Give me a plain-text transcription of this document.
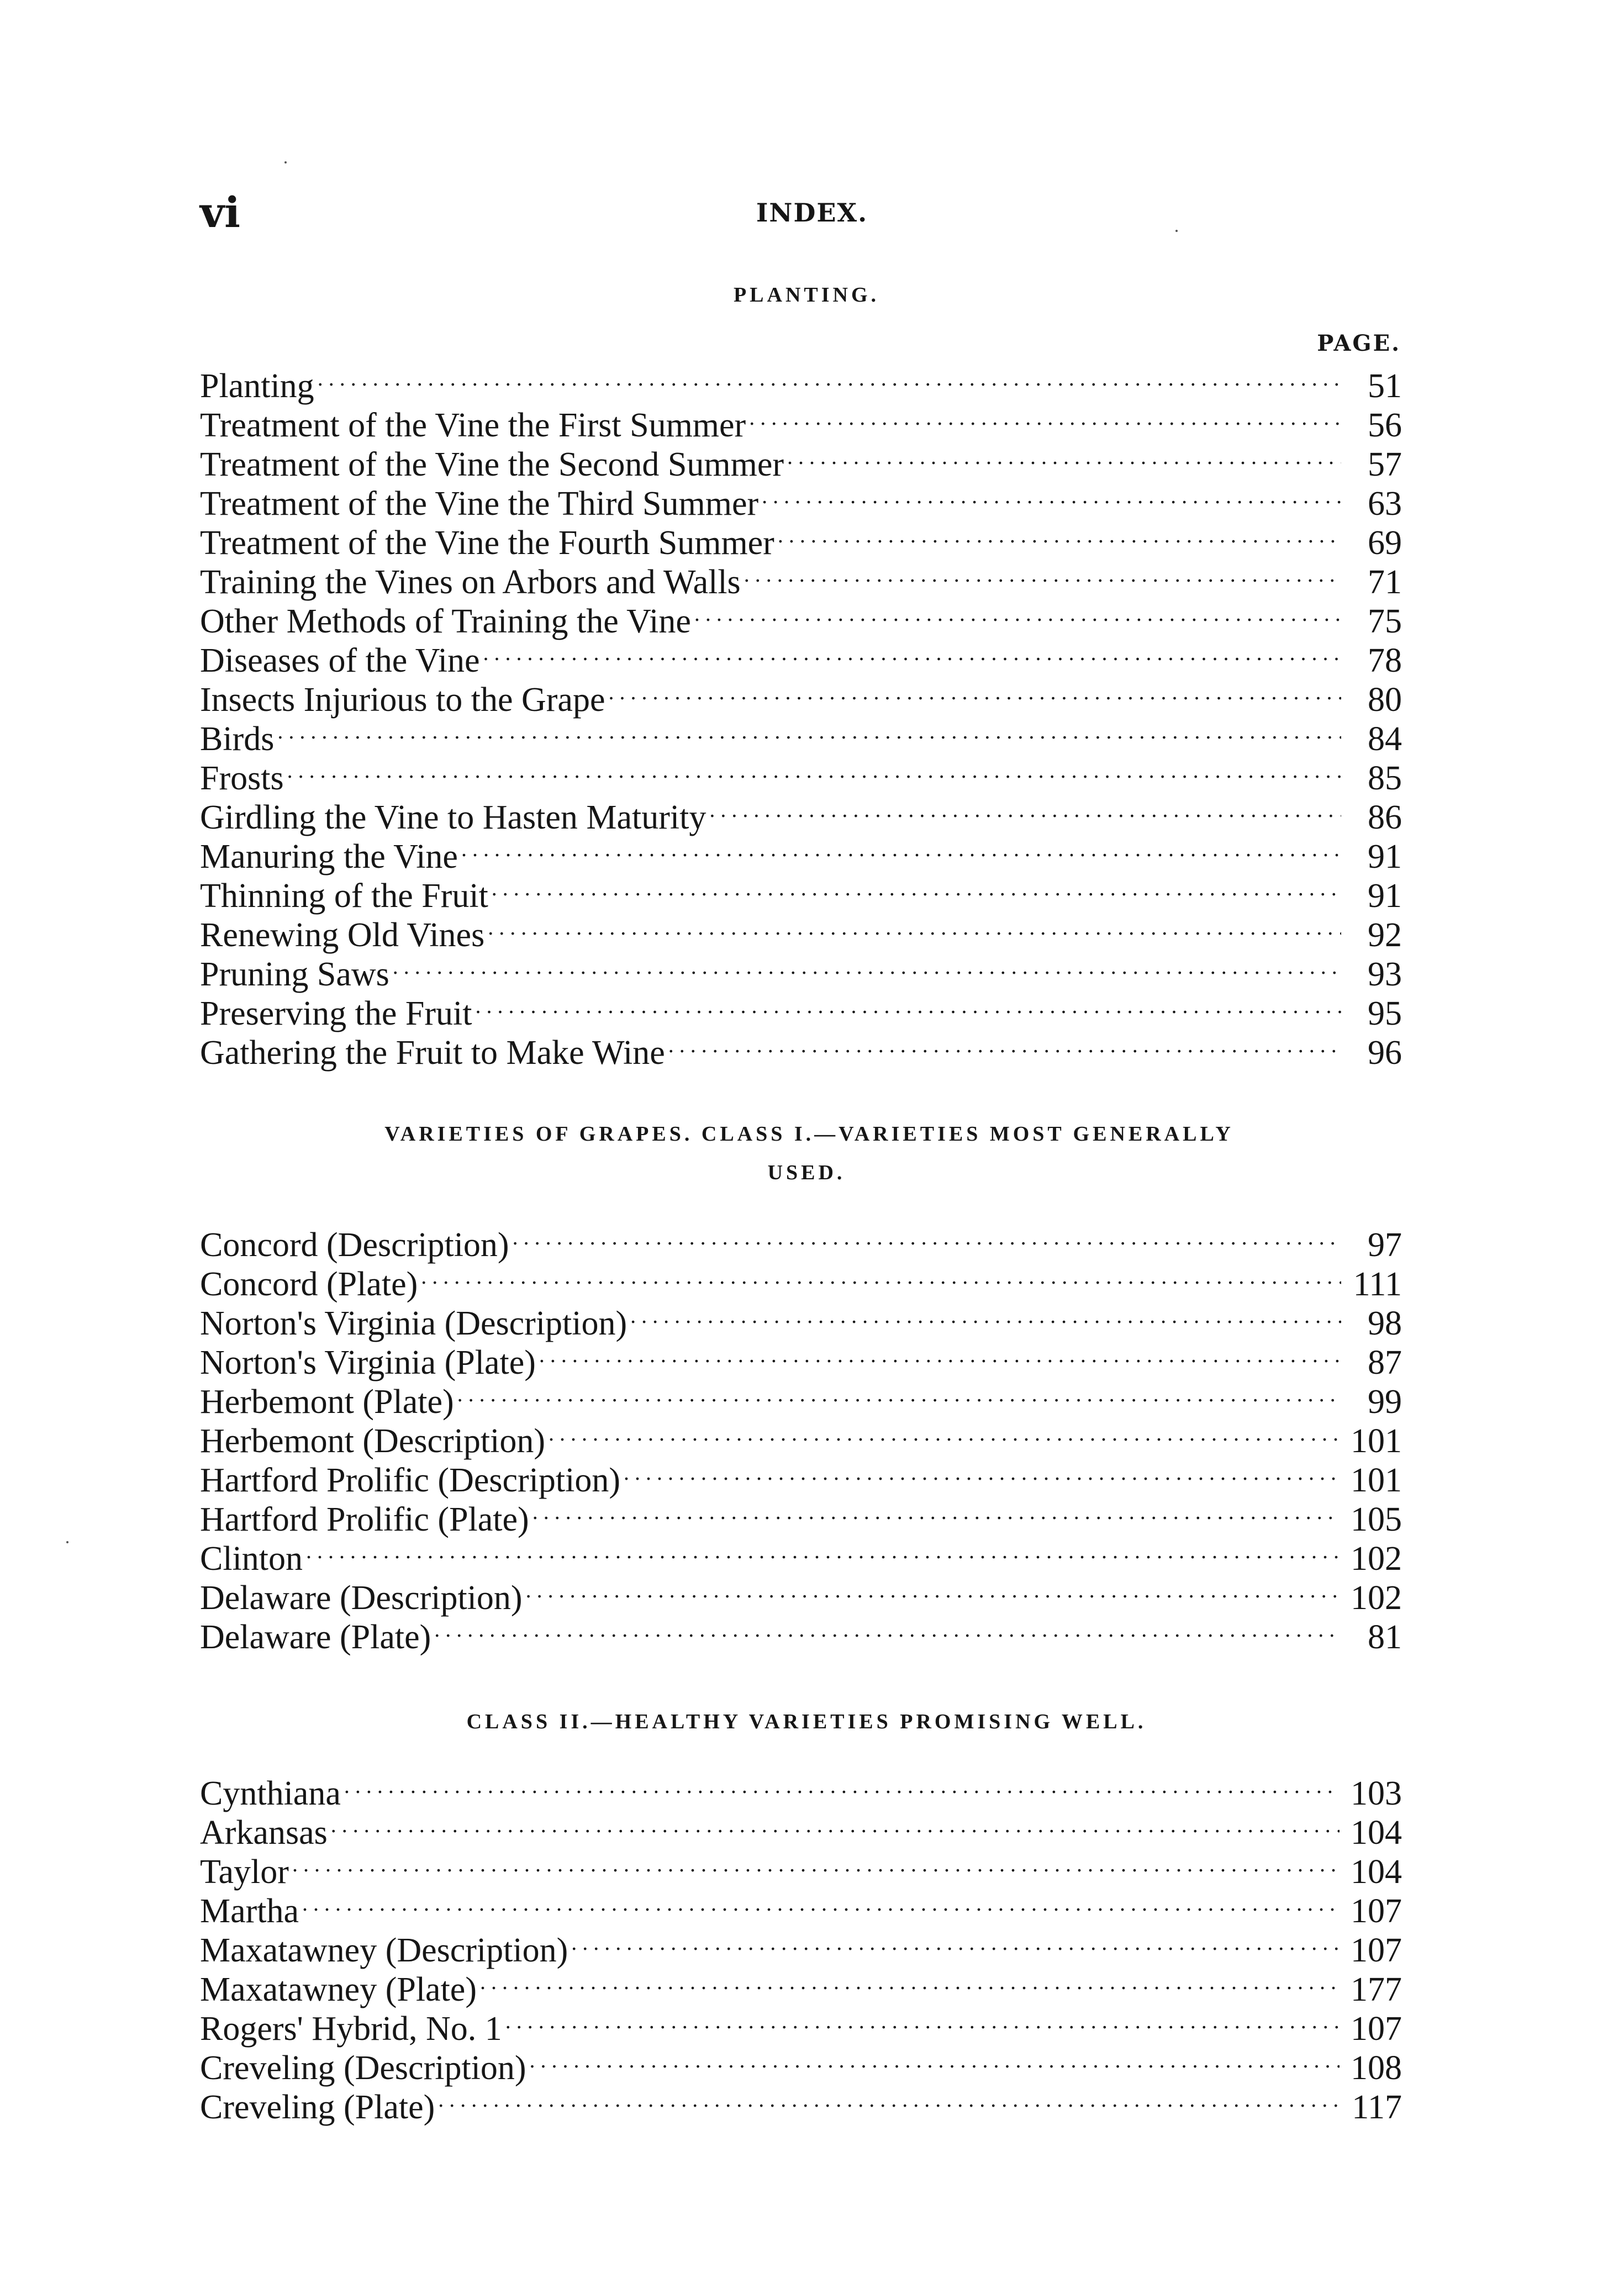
vi	INDEX.
PLANTING.
PAGE.
Planting . . .	51
Treatment of the Vine the First Summer . . .	56
Treatment of the Vine the Second Summer . . .	57
Treatment of the Vine the Third Summer . . .	63
Treatment of the Vine the Fourth Summer . . .	69
Training the Vines on Arbors and Walls . . .	71
Other Methods of Training the Vine . . .	75
Diseases of the Vine . . .	78
Insects Injurious to the Grape . . .	80
Birds . . .	84
Frosts . . .	85
Girdling the Vine to Hasten Maturity . . .	86
Manuring the Vine . . .	91
Thinning of the Fruit . . .	91
Renewing Old Vines . . .	92
Pruning Saws . . .	93
Preserving the Fruit . . .	95
Gathering the Fruit to Make Wine . . .	96
VARIETIES OF GRAPES. CLASS I.—VARIETIES MOST GENERALLY
USED.
Concord (Description) . . .	97
Concord (Plate) . . .	111
Norton's Virginia (Description) . . .	98
Norton's Virginia (Plate) . . .	87
Herbemont (Plate) . . .	99
Herbemont (Description) . . .	101
Hartford Prolific (Description) . . .	101
Hartford Prolific (Plate) . . .	105
Clinton . . .	102
Delaware (Description) . . .	102
Delaware (Plate) . . .	81
CLASS II.—HEALTHY VARIETIES PROMISING WELL.
Cynthiana . . .	103
Arkansas . . .	104
Taylor . . .	104
Martha . . .	107
Maxatawney (Description) . . .	107
Maxatawney (Plate) . . .	177
Rogers' Hybrid, No. 1 . . .	107
Creveling (Description) . . .	108
Creveling (Plate) . . .	117
